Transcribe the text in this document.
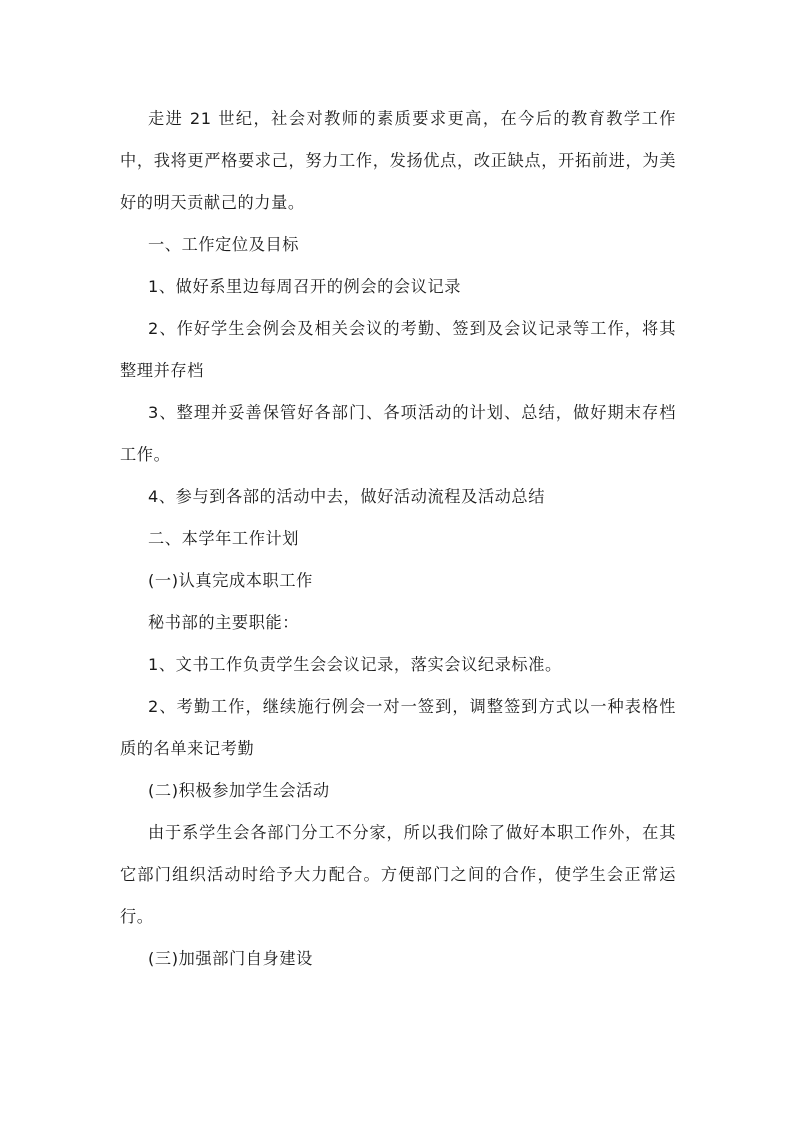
走进 21 世纪，社会对教师的素质要求更高，在今后的教育教学工作中，我将更严格要求己，努力工作，发扬优点，改正缺点，开拓前进，为美好的明天贡献己的力量。

一、工作定位及目标

1、做好系里边每周召开的例会的会议记录

2、作好学生会例会及相关会议的考勤、签到及会议记录等工作，将其整理并存档

3、整理并妥善保管好各部门、各项活动的计划、总结，做好期末存档工作。

4、参与到各部的活动中去，做好活动流程及活动总结

二、本学年工作计划

(一)认真完成本职工作

秘书部的主要职能：

1、文书工作负责学生会会议记录，落实会议纪录标准。

2、考勤工作，继续施行例会一对一签到，调整签到方式以一种表格性质的名单来记考勤

(二)积极参加学生会活动

由于系学生会各部门分工不分家，所以我们除了做好本职工作外，在其它部门组织活动时给予大力配合。方便部门之间的合作，使学生会正常运行。

(三)加强部门自身建设
